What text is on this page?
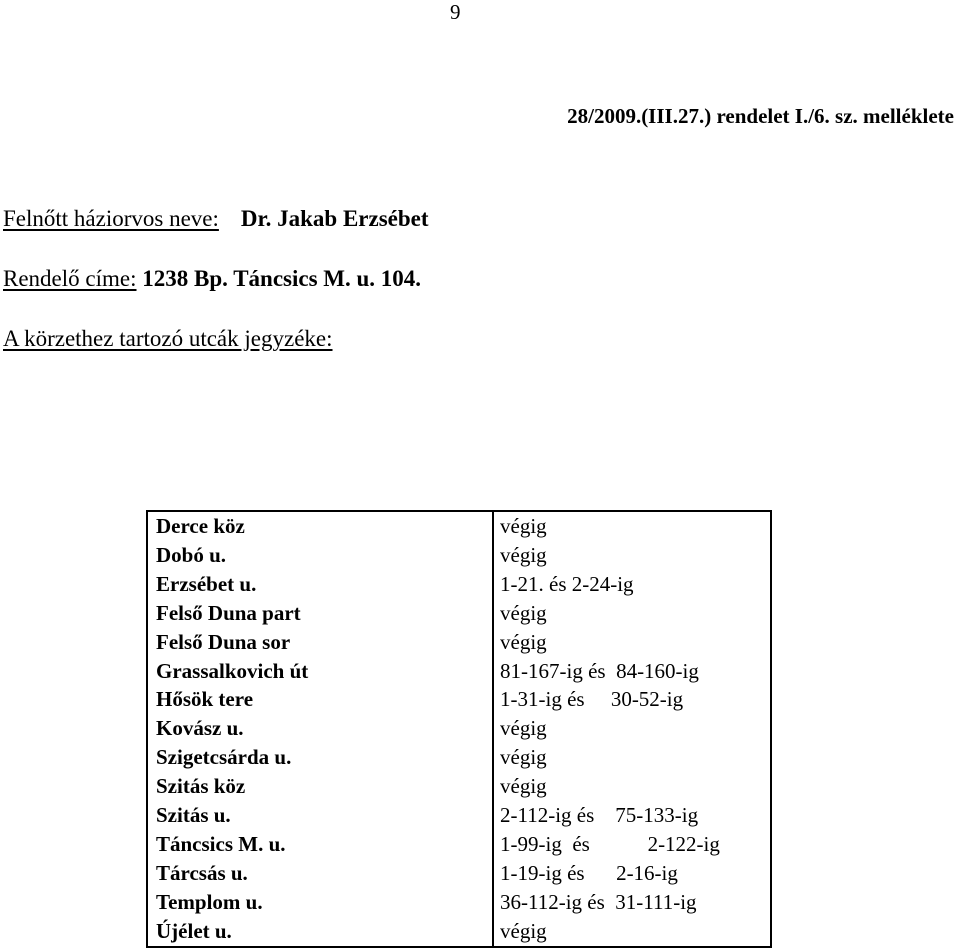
9
28/2009.(III.27.) rendelet I./6. sz. melléklete
Felnőtt háziorvos neve: Dr. Jakab Erzsébet
Rendelő címe: 1238 Bp. Táncsics M. u. 104.
A körzethez tartozó utcák jegyzéke:
Derce köz	végig
Dobó u.	végig
Erzsébet u.	1-21. és 2-24-ig
Felső Duna part	végig
Felső Duna sor	végig
Grassalkovich út	81-167-ig és  84-160-ig
Hősök tere	1-31-ig és     30-52-ig
Kovász u.	végig
Szigetcsárda u.	végig
Szitás köz	végig
Szitás u.	2-112-ig és    75-133-ig
Táncsics M. u.	1-99-ig  és           2-122-ig
Tárcsás u.	1-19-ig és      2-16-ig
Templom u.	36-112-ig és  31-111-ig
Újélet u.	végig
